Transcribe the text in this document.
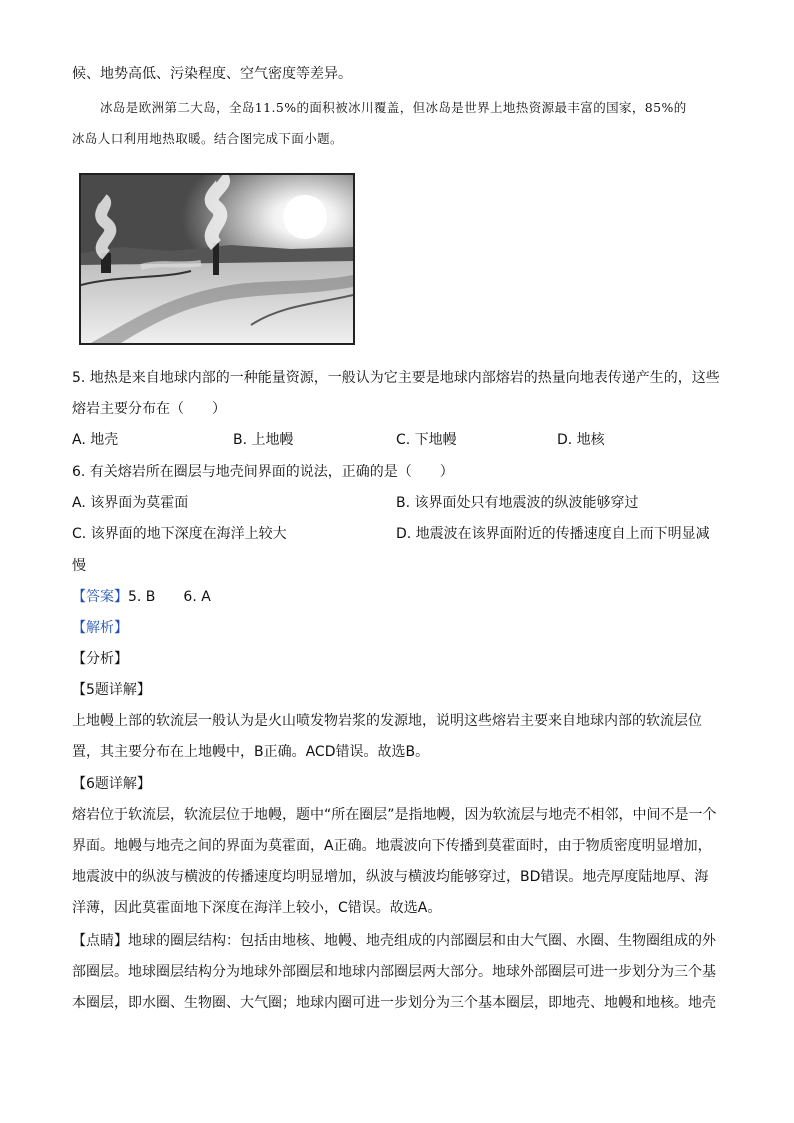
候、地势高低、污染程度、空气密度等差异。
冰岛是欧洲第二大岛，全岛11.5%的面积被冰川覆盖，但冰岛是世界上地热资源最丰富的国家，85%的
冰岛人口利用地热取暖。结合图完成下面小题。
5. 地热是来自地球内部的一种能量资源，一般认为它主要是地球内部熔岩的热量向地表传递产生的，这些
熔岩主要分布在（　　）
A. 地壳	B. 上地幔	C. 下地幔	D. 地核
6. 有关熔岩所在圈层与地壳间界面的说法，正确的是（　　）
A. 该界面为莫霍面	B. 该界面处只有地震波的纵波能够穿过
C. 该界面的地下深度在海洋上较大	D. 地震波在该界面附近的传播速度自上而下明显减
慢
【答案】5. B　　6. A
【解析】
【分析】
【5题详解】
上地幔上部的软流层一般认为是火山喷发物岩浆的发源地，说明这些熔岩主要来自地球内部的软流层位
置，其主要分布在上地幔中，B正确。ACD错误。故选B。
【6题详解】
熔岩位于软流层，软流层位于地幔，题中“所在圈层”是指地幔，因为软流层与地壳不相邻，中间不是一个
界面。地幔与地壳之间的界面为莫霍面，A正确。地震波向下传播到莫霍面时，由于物质密度明显增加，
地震波中的纵波与横波的传播速度均明显增加，纵波与横波均能够穿过，BD错误。地壳厚度陆地厚、海
洋薄，因此莫霍面地下深度在海洋上较小，C错误。故选A。
【点睛】地球的圈层结构：包括由地核、地幔、地壳组成的内部圈层和由大气圈、水圈、生物圈组成的外
部圈层。地球圈层结构分为地球外部圈层和地球内部圈层两大部分。地球外部圈层可进一步划分为三个基
本圈层，即水圈、生物圈、大气圈；地球内圈可进一步划分为三个基本圈层，即地壳、地幔和地核。地壳
